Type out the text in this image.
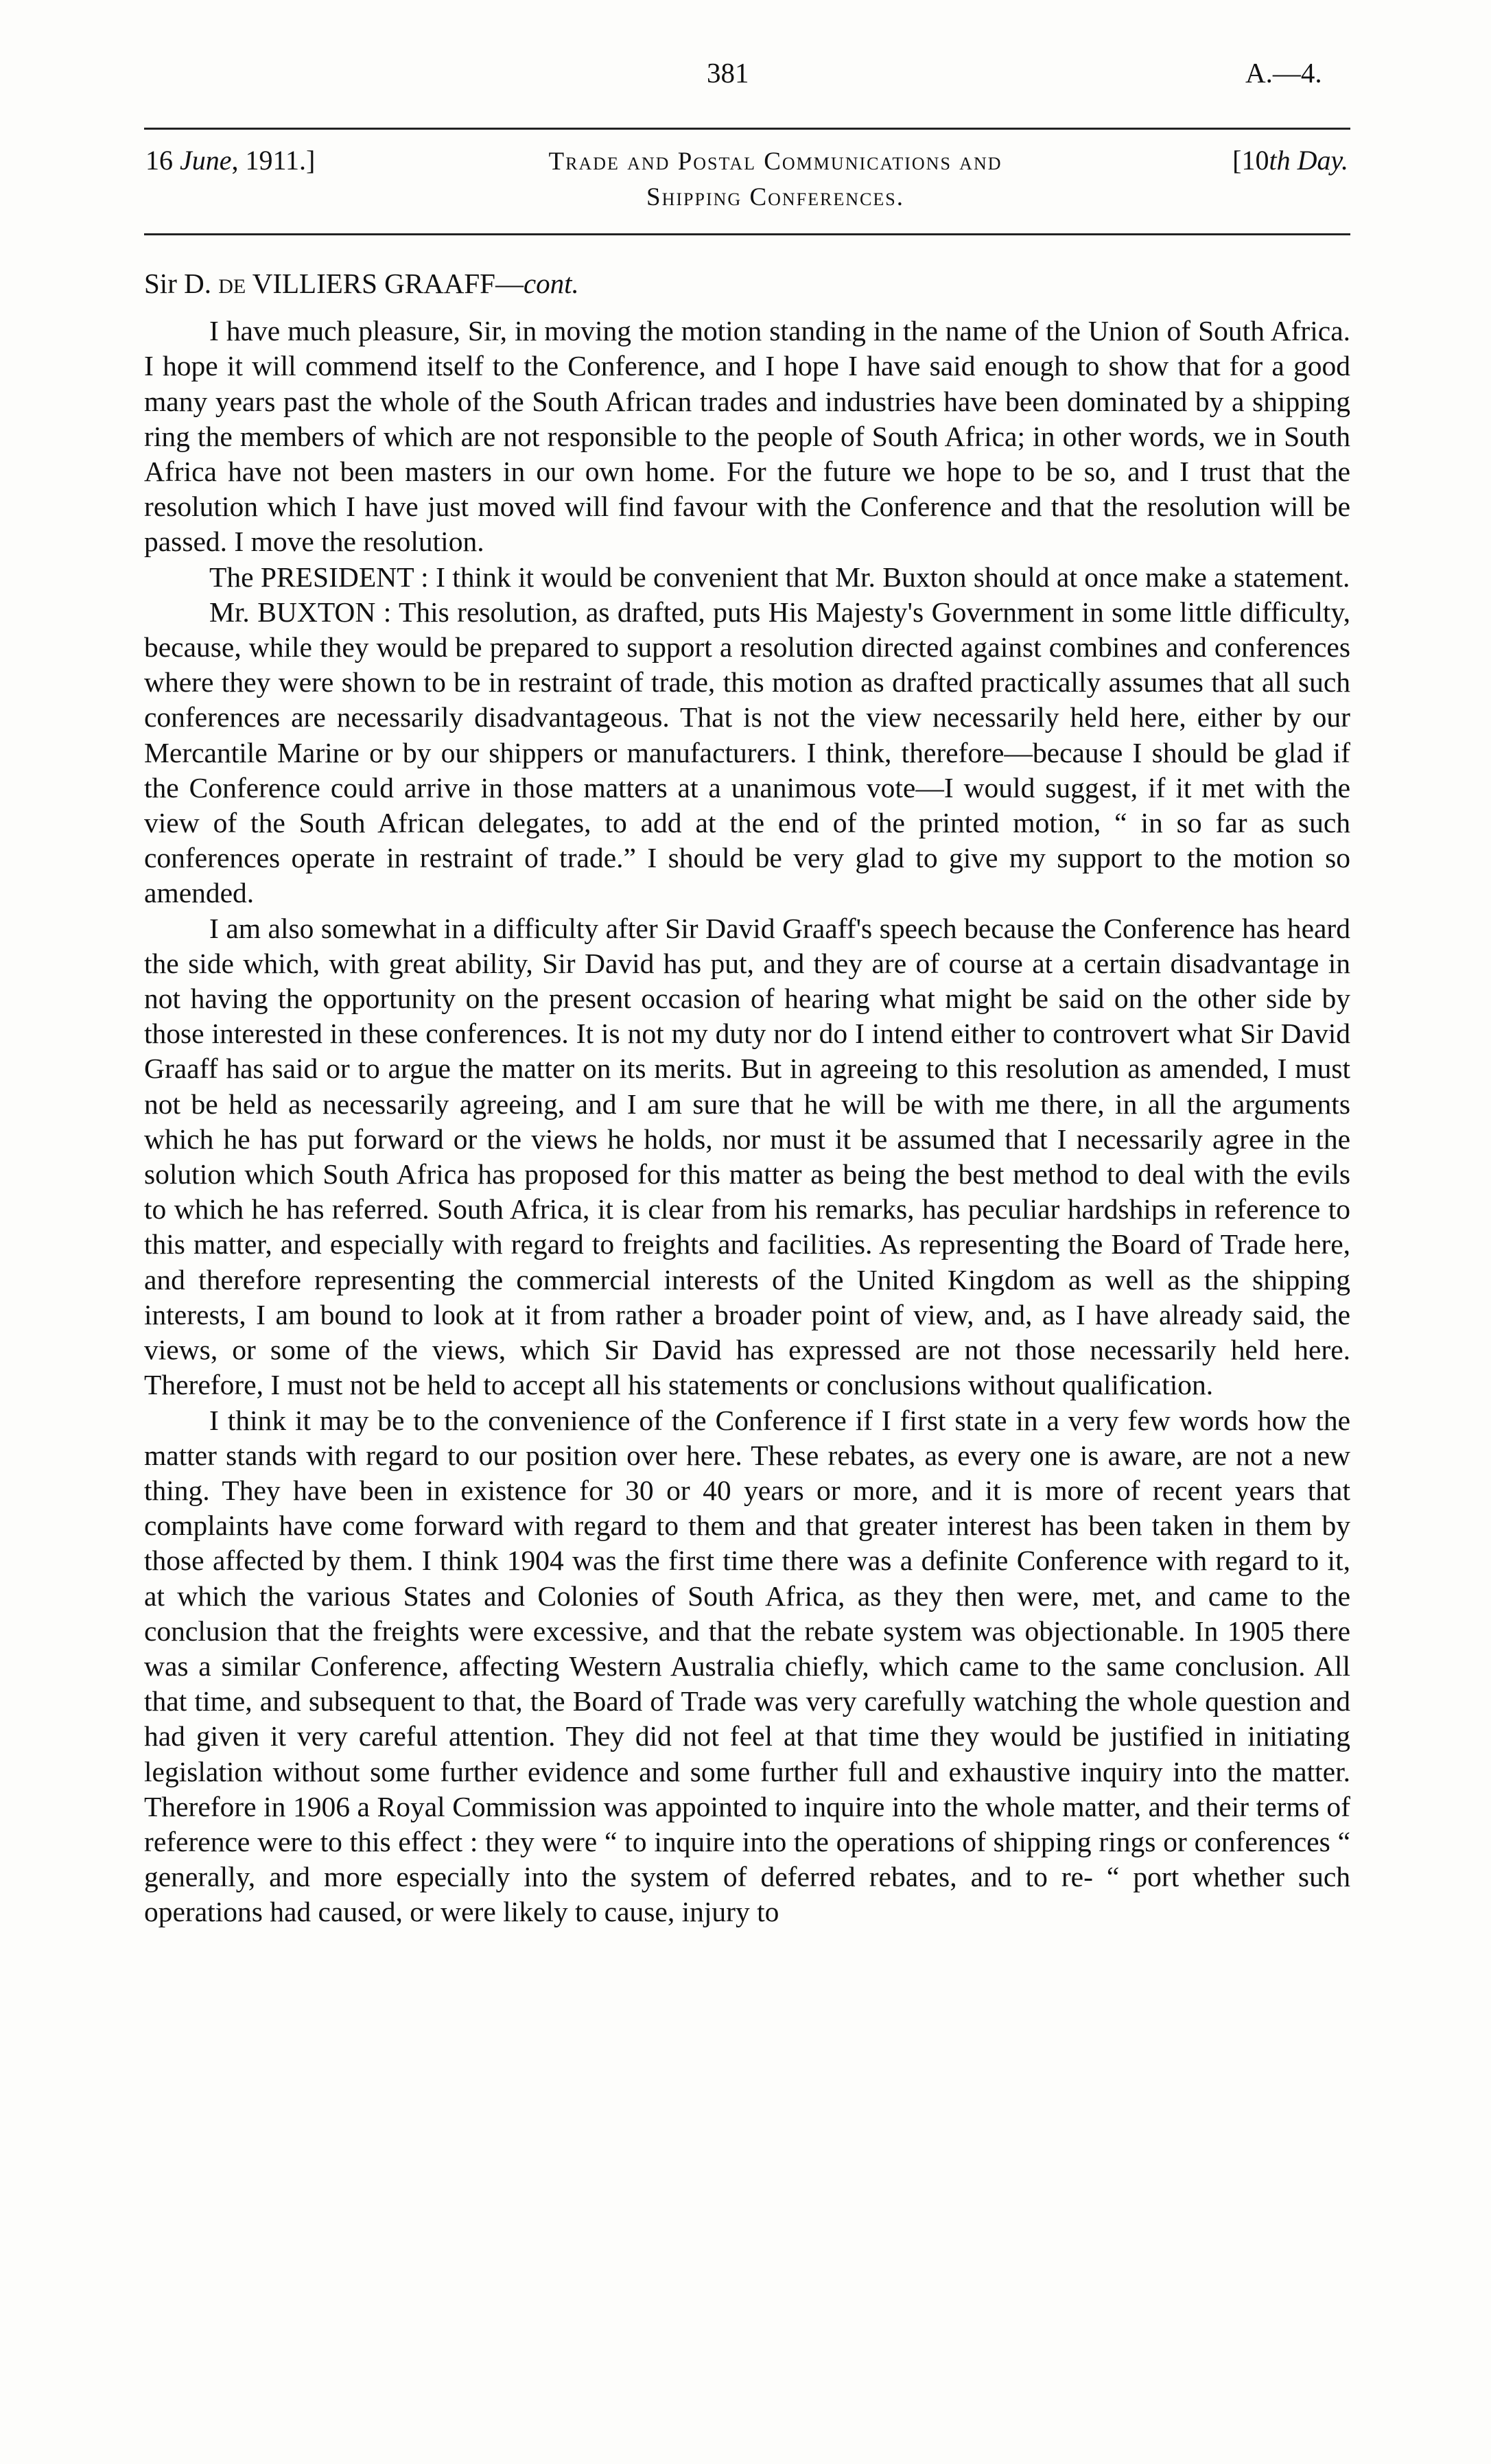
381	A.—4.
16 June, 1911.]	Trade and Postal Communications and
Shipping Conferences.
[10th Day.

Sir D. DE VILLIERS GRAAFF—cont.

I have much pleasure, Sir, in moving the motion standing in the name of the Union of South Africa. I hope it will commend itself to the Conference, and I hope I have said enough to show that for a good many years past the whole of the South African trades and industries have been dominated by a shipping ring the members of which are not responsible to the people of South Africa; in other words, we in South Africa have not been masters in our own home. For the future we hope to be so, and I trust that the resolution which I have just moved will find favour with the Conference and that the resolution will be passed. I move the resolution.

The PRESIDENT : I think it would be convenient that Mr. Buxton should at once make a statement.

Mr. BUXTON : This resolution, as drafted, puts His Majesty's Government in some little difficulty, because, while they would be prepared to support a resolution directed against combines and conferences where they were shown to be in restraint of trade, this motion as drafted practically assumes that all such conferences are necessarily disadvantageous. That is not the view necessarily held here, either by our Mercantile Marine or by our shippers or manufacturers. I think, therefore—because I should be glad if the Conference could arrive in those matters at a unanimous vote—I would suggest, if it met with the view of the South African delegates, to add at the end of the printed motion, “ in so far as such conferences operate in restraint of trade.” I should be very glad to give my support to the motion so amended.

I am also somewhat in a difficulty after Sir David Graaff's speech because the Conference has heard the side which, with great ability, Sir David has put, and they are of course at a certain disadvantage in not having the opportunity on the present occasion of hearing what might be said on the other side by those interested in these conferences. It is not my duty nor do I intend either to controvert what Sir David Graaff has said or to argue the matter on its merits. But in agreeing to this resolution as amended, I must not be held as necessarily agreeing, and I am sure that he will be with me there, in all the arguments which he has put forward or the views he holds, nor must it be assumed that I necessarily agree in the solution which South Africa has proposed for this matter as being the best method to deal with the evils to which he has referred. South Africa, it is clear from his remarks, has peculiar hardships in reference to this matter, and especially with regard to freights and facilities. As representing the Board of Trade here, and therefore representing the commercial interests of the United Kingdom as well as the shipping interests, I am bound to look at it from rather a broader point of view, and, as I have already said, the views, or some of the views, which Sir David has expressed are not those necessarily held here. Therefore, I must not be held to accept all his statements or conclusions without qualification.

I think it may be to the convenience of the Conference if I first state in a very few words how the matter stands with regard to our position over here. These rebates, as every one is aware, are not a new thing. They have been in existence for 30 or 40 years or more, and it is more of recent years that complaints have come forward with regard to them and that greater interest has been taken in them by those affected by them. I think 1904 was the first time there was a definite Conference with regard to it, at which the various States and Colonies of South Africa, as they then were, met, and came to the conclusion that the freights were excessive, and that the rebate system was objectionable. In 1905 there was a similar Conference, affecting Western Australia chiefly, which came to the same conclusion. All that time, and subsequent to that, the Board of Trade was very carefully watching the whole question and had given it very careful attention. They did not feel at that time they would be justified in initiating legislation without some further evidence and some further full and exhaustive inquiry into the matter. Therefore in 1906 a Royal Commission was appointed to inquire into the whole matter, and their terms of reference were to this effect : they were “ to inquire into the operations of shipping rings or conferences “ generally, and more especially into the system of deferred rebates, and to re- “ port whether such operations had caused, or were likely to cause, injury to
